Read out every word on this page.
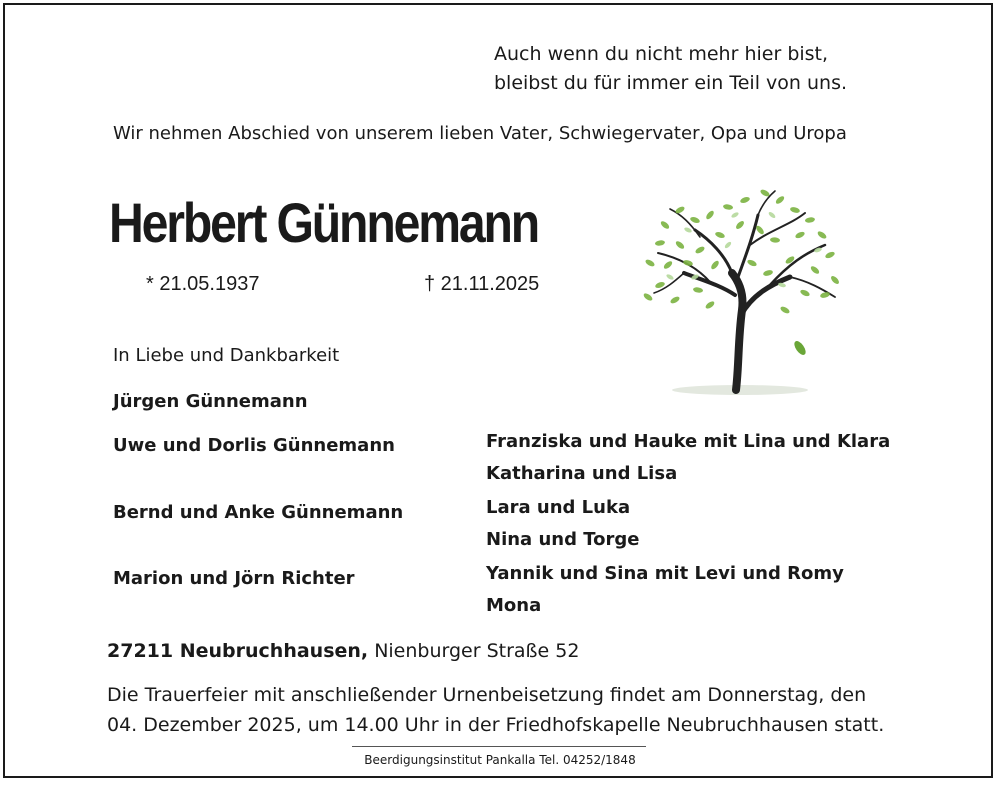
Auch wenn du nicht mehr hier bist,
bleibst du für immer ein Teil von uns.
Wir nehmen Abschied von unserem lieben Vater, Schwiegervater, Opa und Uropa
Herbert Günnemann
* 21.05.1937	† 21.11.2025
In Liebe und Dankbarkeit
Jürgen Günnemann
Uwe und Dorlis Günnemann
Bernd und Anke Günnemann
Marion und Jörn Richter
Franziska und Hauke mit Lina und Klara
Katharina und Lisa
Lara und Luka
Nina und Torge
Yannik und Sina mit Levi und Romy
Mona
27211 Neubruchhausen, Nienburger Straße 52
Die Trauerfeier mit anschließender Urnenbeisetzung findet am Donnerstag, den
04. Dezember 2025, um 14.00 Uhr in der Friedhofskapelle Neubruchhausen statt.
Beerdigungsinstitut Pankalla Tel. 04252/1848
